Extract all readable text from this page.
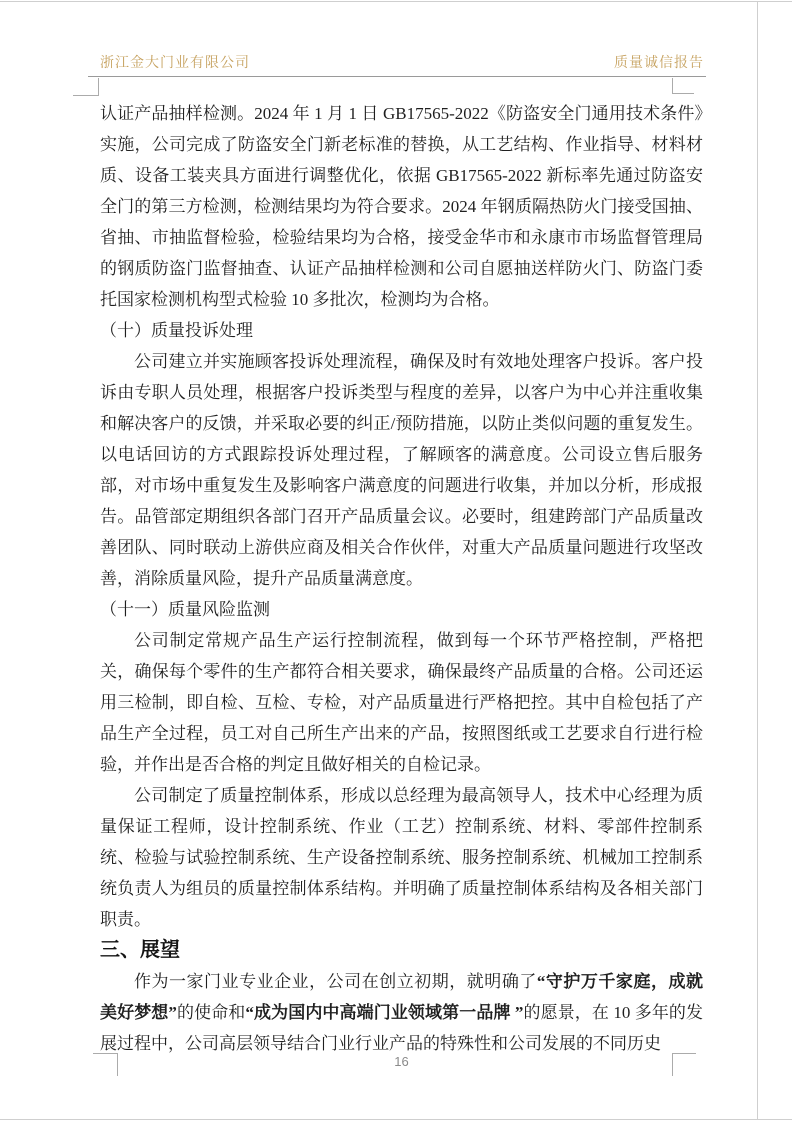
浙江金大门业有限公司	质量诚信报告

认证产品抽样检测。2024 年 1 月 1 日 GB17565-2022《防盗安全门通用技术条件》实施，公司完成了防盗安全门新老标准的替换，从工艺结构、作业指导、材料材质、设备工装夹具方面进行调整优化，依据 GB17565-2022 新标率先通过防盗安全门的第三方检测，检测结果均为符合要求。2024 年钢质隔热防火门接受国抽、省抽、市抽监督检验，检验结果均为合格，接受金华市和永康市市场监督管理局的钢质防盗门监督抽查、认证产品抽样检测和公司自愿抽送样防火门、防盗门委托国家检测机构型式检验 10 多批次，检测均为合格。

（十）质量投诉处理

公司建立并实施顾客投诉处理流程，确保及时有效地处理客户投诉。客户投诉由专职人员处理，根据客户投诉类型与程度的差异，以客户为中心并注重收集和解决客户的反馈，并采取必要的纠正/预防措施，以防止类似问题的重复发生。以电话回访的方式跟踪投诉处理过程，了解顾客的满意度。公司设立售后服务部，对市场中重复发生及影响客户满意度的问题进行收集，并加以分析，形成报告。品管部定期组织各部门召开产品质量会议。必要时，组建跨部门产品质量改善团队、同时联动上游供应商及相关合作伙伴，对重大产品质量问题进行攻坚改善，消除质量风险，提升产品质量满意度。

（十一）质量风险监测

公司制定常规产品生产运行控制流程，做到每一个环节严格控制，严格把关，确保每个零件的生产都符合相关要求，确保最终产品质量的合格。公司还运用三检制，即自检、互检、专检，对产品质量进行严格把控。其中自检包括了产品生产全过程，员工对自己所生产出来的产品，按照图纸或工艺要求自行进行检验，并作出是否合格的判定且做好相关的自检记录。

公司制定了质量控制体系，形成以总经理为最高领导人，技术中心经理为质量保证工程师，设计控制系统、作业（工艺）控制系统、材料、零部件控制系统、检验与试验控制系统、生产设备控制系统、服务控制系统、机械加工控制系统负责人为组员的质量控制体系结构。并明确了质量控制体系结构及各相关部门职责。

三、展望

作为一家门业专业企业，公司在创立初期，就明确了“守护万千家庭，成就美好梦想”的使命和“成为国内中高端门业领域第一品牌 ”的愿景，在 10 多年的发展过程中，公司高层领导结合门业行业产品的特殊性和公司发展的不同历史

16
